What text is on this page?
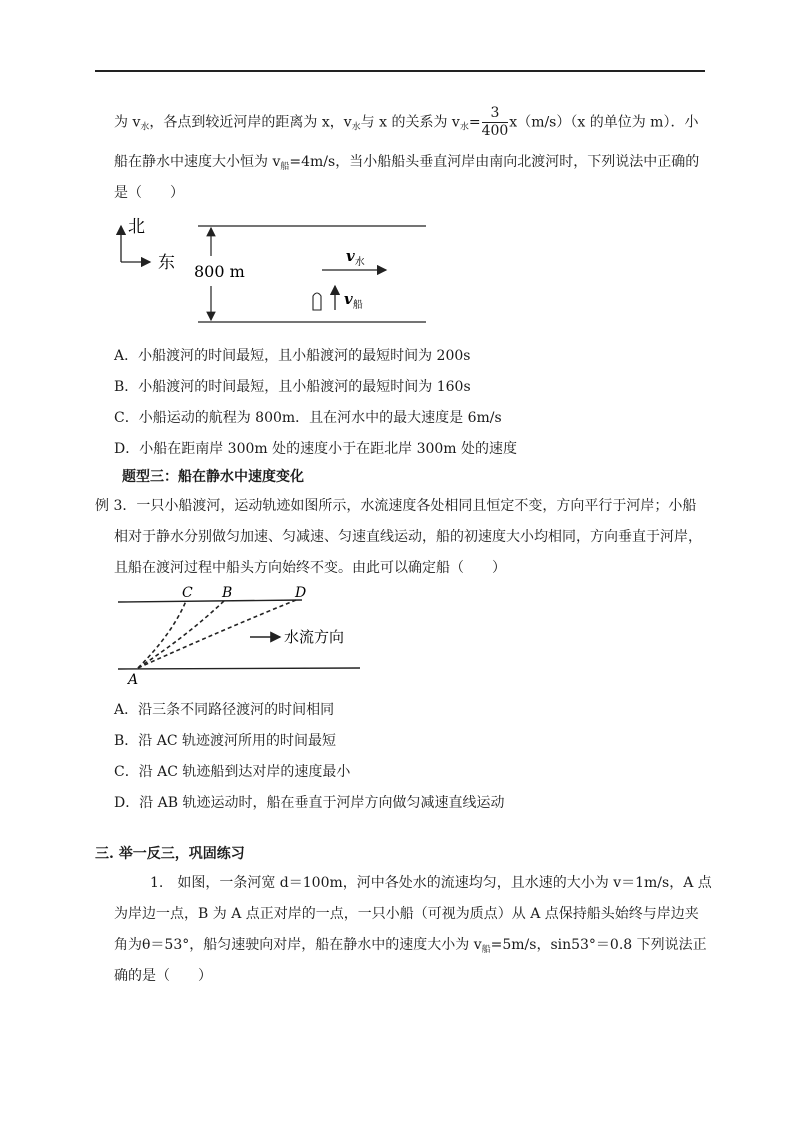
为 $v_水$，各点到较近河岸的距离为 x，$v_水$与 x 的关系为 $v_水= \frac{3}{400} x(m/s)(x$ 的单位为 m）．小
船在静水中速度大小恒为 $v_船=4m/s$，当小船船头垂直河岸由南向北渡河时，下列说法中正确的
是（　　）
北
东 800 m
$v_水$
$v_船$
A．小船渡河的时间最短，且小船渡河的最短时间为 200s
B．小船渡河的时间最短，且小船渡河的最短时间为 160s
C．小船运动的航程为 800m．且在河水中的最大速度是 6m/s
D．小船在距南岸 300m 处的速度小于在距北岸 300m 处的速度
题型三：船在静水中速度变化
例 3．一只小船渡河，运动轨迹如图所示，水流速度各处相同且恒定不变，方向平行于河岸；小船
相对于静水分别做匀加速、匀减速、匀速直线运动，船的初速度大小均相同，方向垂直于河岸，
且船在渡河过程中船头方向始终不变。由此可以确定船（　　）
C B	D
A
水流方向
A．沿三条不同路径渡河的时间相同
B．沿 AC 轨迹渡河所用的时间最短
C．沿 AC 轨迹船到达对岸的速度最小
D．沿 AB 轨迹运动时，船在垂直于河岸方向做匀减速直线运动
三. 举一反三，巩固练习
1.　如图，一条河宽 d＝100m，河中各处水的流速均匀，且水速的大小为 v＝1m/s，A 点
为岸边一点，B 为 A 点正对岸的一点，一只小船（可视为质点）从 A 点保持船头始终与岸边夹
角为θ＝53°，船匀速驶向对岸，船在静水中的速度大小为 $v_船=5m/s$，sin53°＝0.8 下列说法正
确的是（　　）
